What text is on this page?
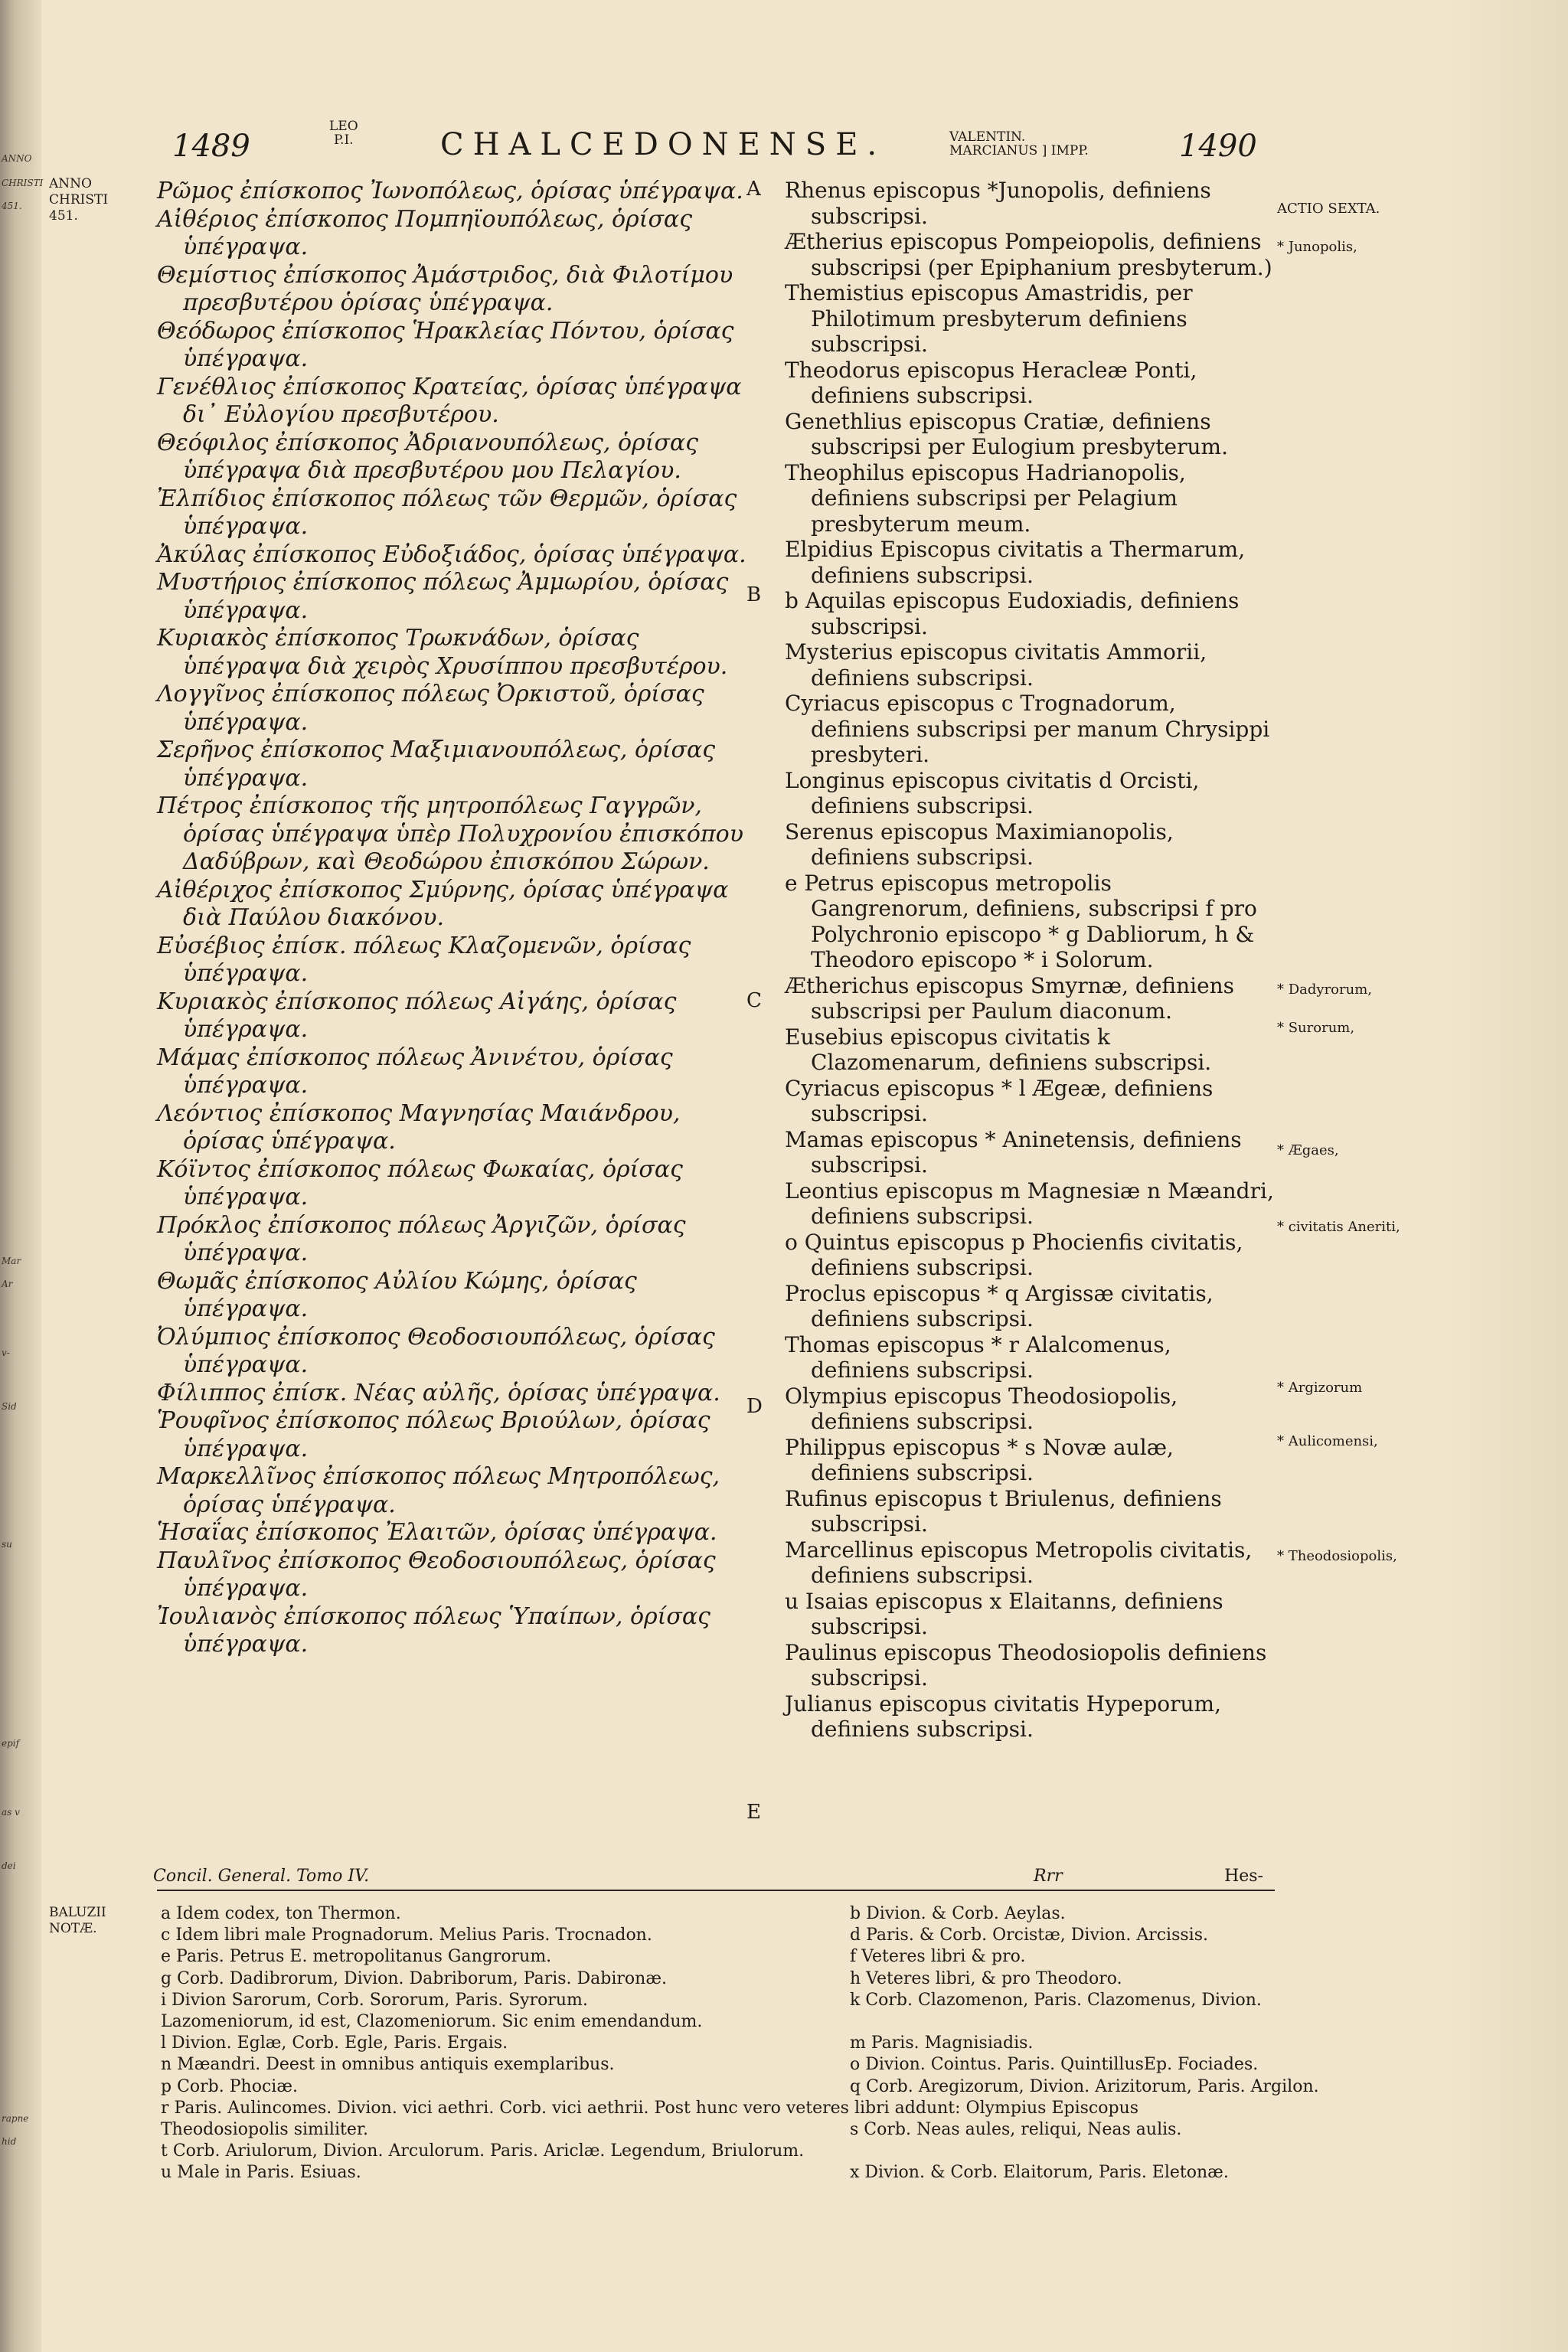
ANNO
CHRISTI
451.
Mar
Ar
v-
Sid
su
epif
as v
dei
rapne
hid
1489
LEO
P.I.	CHALCEDONENSE.	VALENTIN.
MARCIANUS ] IMPP.	1490
ANNO
CHRISTI
451.

Ρῶμος ἐπίσκοπος Ἰωνοπόλεως, ὁρίσας ὑπέγραψα.

Αἰθέριος ἐπίσκοπος Πομπηϊουπόλεως, ὁρίσας ὑπέγραψα.

Θεμίστιος ἐπίσκοπος Ἀμάστριδος, διὰ Φιλοτίμου πρεσβυτέρου ὁρίσας ὑπέγραψα.

Θεόδωρος ἐπίσκοπος Ἡρακλείας Πόντου, ὁρίσας ὑπέγραψα.

Γενέθλιος ἐπίσκοπος Κρατείας, ὁρίσας ὑπέγραψα δι᾽ Εὐλογίου πρεσβυτέρου.

Θεόφιλος ἐπίσκοπος Ἀδριανουπόλεως, ὁρίσας ὑπέγραψα διὰ πρεσβυτέρου μου Πελαγίου.

Ἐλπίδιος ἐπίσκοπος πόλεως τῶν Θερμῶν, ὁρίσας ὑπέγραψα.

Ἀκύλας ἐπίσκοπος Εὐδοξιάδος, ὁρίσας ὑπέγραψα.

Μυστήριος ἐπίσκοπος πόλεως Ἀμμωρίου, ὁρίσας ὑπέγραψα.

Κυριακὸς ἐπίσκοπος Τρωκνάδων, ὁρίσας ὑπέγραψα διὰ χειρὸς Χρυσίππου πρεσβυτέρου.

Λογγῖνος ἐπίσκοπος πόλεως Ὀρκιστοῦ, ὁρίσας ὑπέγραψα.

Σερῆνος ἐπίσκοπος Μαξιμιανουπόλεως, ὁρίσας ὑπέγραψα.

Πέτρος ἐπίσκοπος τῆς μητροπόλεως Γαγγρῶν, ὁρίσας ὑπέγραψα ὑπὲρ Πολυχρονίου ἐπισκόπου Δαδύβρων, καὶ Θεοδώρου ἐπισκόπου Σώρων.

Αἰθέριχος ἐπίσκοπος Σμύρνης, ὁρίσας ὑπέγραψα διὰ Παύλου διακόνου.

Εὐσέβιος ἐπίσκ. πόλεως Κλαζομενῶν, ὁρίσας ὑπέγραψα.

Κυριακὸς ἐπίσκοπος πόλεως Αἰγάης, ὁρίσας ὑπέγραψα.

Μάμας ἐπίσκοπος πόλεως Ἀνινέτου, ὁρίσας ὑπέγραψα.

Λεόντιος ἐπίσκοπος Μαγνησίας Μαιάνδρου, ὁρίσας ὑπέγραψα.

Κόϊντος ἐπίσκοπος πόλεως Φωκαίας, ὁρίσας ὑπέγραψα.

Πρόκλος ἐπίσκοπος πόλεως Ἀργιζῶν, ὁρίσας ὑπέγραψα.

Θωμᾶς ἐπίσκοπος Αὐλίου Κώμης, ὁρίσας ὑπέγραψα.

Ὀλύμπιος ἐπίσκοπος Θεοδοσιουπόλεως, ὁρίσας ὑπέγραψα.

Φίλιππος ἐπίσκ. Νέας αὐλῆς, ὁρίσας ὑπέγραψα.

Ῥουφῖνος ἐπίσκοπος πόλεως Βριούλων, ὁρίσας ὑπέγραψα.

Μαρκελλῖνος ἐπίσκοπος πόλεως Μητροπόλεως, ὁρίσας ὑπέγραψα.

Ἡσαΐας ἐπίσκοπος Ἐλαιτῶν, ὁρίσας ὑπέγραψα.

Παυλῖνος ἐπίσκοπος Θεοδοσιουπόλεως, ὁρίσας ὑπέγραψα.

Ἰουλιανὸς ἐπίσκοπος πόλεως Ὑπαίπων, ὁρίσας ὑπέγραψα.

A
B
C
D
E

Rhenus episcopus *Junopolis, definiens subscripsi.

Ætherius episcopus Pompeiopolis, definiens subscripsi (per Epiphanium presbyterum.)

Themistius episcopus Amastridis, per Philotimum presbyterum definiens subscripsi.

Theodorus episcopus Heracleæ Ponti, definiens subscripsi.

Genethlius episcopus Cratiæ, definiens subscripsi per Eulogium presbyterum.

Theophilus episcopus Hadrianopolis, definiens subscripsi per Pelagium presbyterum meum.

Elpidius Episcopus civitatis a Thermarum, definiens subscripsi.

b Aquilas episcopus Eudoxiadis, definiens subscripsi.

Mysterius episcopus civitatis Ammorii, definiens subscripsi.

Cyriacus episcopus c Trognadorum, definiens subscripsi per manum Chrysippi presbyteri.

Longinus episcopus civitatis d Orcisti, definiens subscripsi.

Serenus episcopus Maximianopolis, definiens subscripsi.

e Petrus episcopus metropolis Gangrenorum, definiens, subscripsi f pro Polychronio episcopo * g Dabliorum, h & Theodoro episcopo * i Solorum.

Ætherichus episcopus Smyrnæ, definiens subscripsi per Paulum diaconum.

Eusebius episcopus civitatis k Clazomenarum, definiens subscripsi.

Cyriacus episcopus * l Ægeæ, definiens subscripsi.

Mamas episcopus * Aninetensis, definiens subscripsi.

Leontius episcopus m Magnesiæ n Mæandri, definiens subscripsi.

o Quintus episcopus p Phocienfis civitatis, definiens subscripsi.

Proclus episcopus * q Argissæ civitatis, definiens subscripsi.

Thomas episcopus * r Alalcomenus, definiens subscripsi.

Olympius episcopus Theodosiopolis, definiens subscripsi.

Philippus episcopus * s Novæ aulæ, definiens subscripsi.

Rufinus episcopus t Briulenus, definiens subscripsi.

Marcellinus episcopus Metropolis civitatis, definiens subscripsi.

u Isaias episcopus x Elaitanns, definiens subscripsi.

Paulinus episcopus Theodosiopolis definiens subscripsi.

Julianus episcopus civitatis Hypeporum, definiens subscripsi.

ACTIO SEXTA.
* Junopolis,
* Dadyrorum,
* Surorum,
* Ægaes,
* civitatis Aneriti,
* Argizorum
* Aulicomensi,
* Theodosiopolis,
Concil. General. Tomo IV.	Rrr	Hes-
BALUZII
NOTÆ.
a Idem codex, ton Thermon.	b Divion. & Corb. Aeylas.
c Idem libri male Prognadorum. Melius Paris. Trocnadon.	d Paris. & Corb. Orcistæ, Divion. Arcissis.
e Paris. Petrus E. metropolitanus Gangrorum.	f Veteres libri & pro.
g Corb. Dadibrorum, Divion. Dabriborum, Paris. Dabironæ.	h Veteres libri, & pro Theodoro.
i Divion Sarorum, Corb. Sororum, Paris. Syrorum.	k Corb. Clazomenon, Paris. Clazomenus, Divion.
Lazomeniorum, id est, Clazomeniorum. Sic enim emendandum.
l Divion. Eglæ, Corb. Egle, Paris. Ergais.	m Paris. Magnisiadis.
n Mæandri. Deest in omnibus antiquis exemplaribus.	o Divion. Cointus. Paris. QuintillusEp. Fociades.
p Corb. Phociæ.	q Corb. Aregizorum, Divion. Arizitorum, Paris. Argilon.
r Paris. Aulincomes. Divion. vici aethri. Corb. vici aethrii. Post hunc vero veteres libri addunt: Olympius Episcopus
Theodosiopolis similiter.	s Corb. Neas aules, reliqui, Neas aulis.
t Corb. Ariulorum, Divion. Arculorum. Paris. Ariclæ. Legendum, Briulorum.
u Male in Paris. Esiuas.	x Divion. & Corb. Elaitorum, Paris. Eletonæ.
